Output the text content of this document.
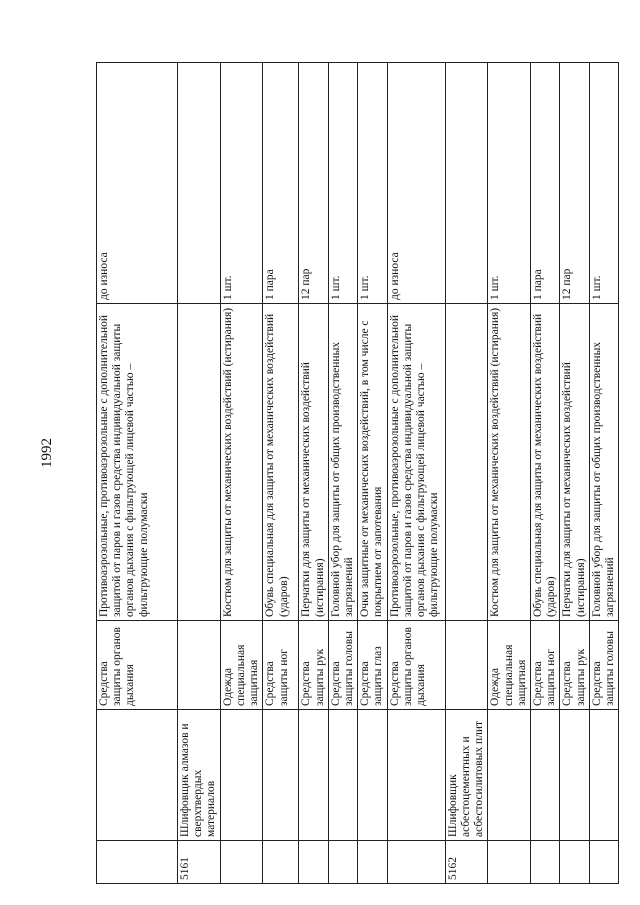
1992
		Средства защиты органов дыхания	Противоаэрозольные, противоаэрозольные с дополнительной защитой от паров и газов средства индивидуальной защиты органов дыхания с фильтрующей лицевой частью – фильтрующие полумаски	до износа
5161	Шлифовщик алмазов и сверхтвердых материалов			
		Одежда специальная защитная	Костюм для защиты от механических воздействий (истирания)	1 шт.
		Средства защиты ног	Обувь специальная для защиты от механических воздействий (ударов)	1 пара
		Средства защиты рук	Перчатки для защиты от механических воздействий (истирания)	12 пар
		Средства защиты головы	Головной убор для защиты от общих производственных загрязнений	1 шт.
		Средства защиты глаз	Очки защитные от механических воздействий, в том числе с покрытием от запотевания	1 шт.
		Средства защиты органов дыхания	Противоаэрозольные, противоаэрозольные с дополнительной защитой от паров и газов средства индивидуальной защиты органов дыхания с фильтрующей лицевой частью – фильтрующие полумаски	до износа
5162	Шлифовщик асбестоцементных и асбестосилитовых плит			
		Одежда специальная защитная	Костюм для защиты от механических воздействий (истирания)	1 шт.
		Средства защиты ног	Обувь специальная для защиты от механических воздействий (ударов)	1 пара
		Средства защиты рук	Перчатки для защиты от механических воздействий (истирания)	12 пар
		Средства защиты головы	Головной убор для защиты от общих производственных загрязнений	1 шт.
